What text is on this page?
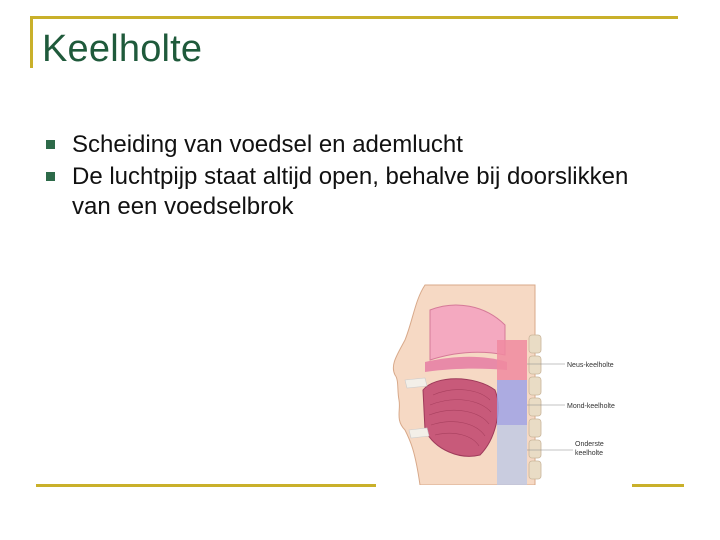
Keelholte
Scheiding van voedsel en ademlucht
De luchtpijp staat altijd open, behalve bij doorslikken van een voedselbrok
Neus-keelholte
Mond-keelholte
Onderste
keelholte
